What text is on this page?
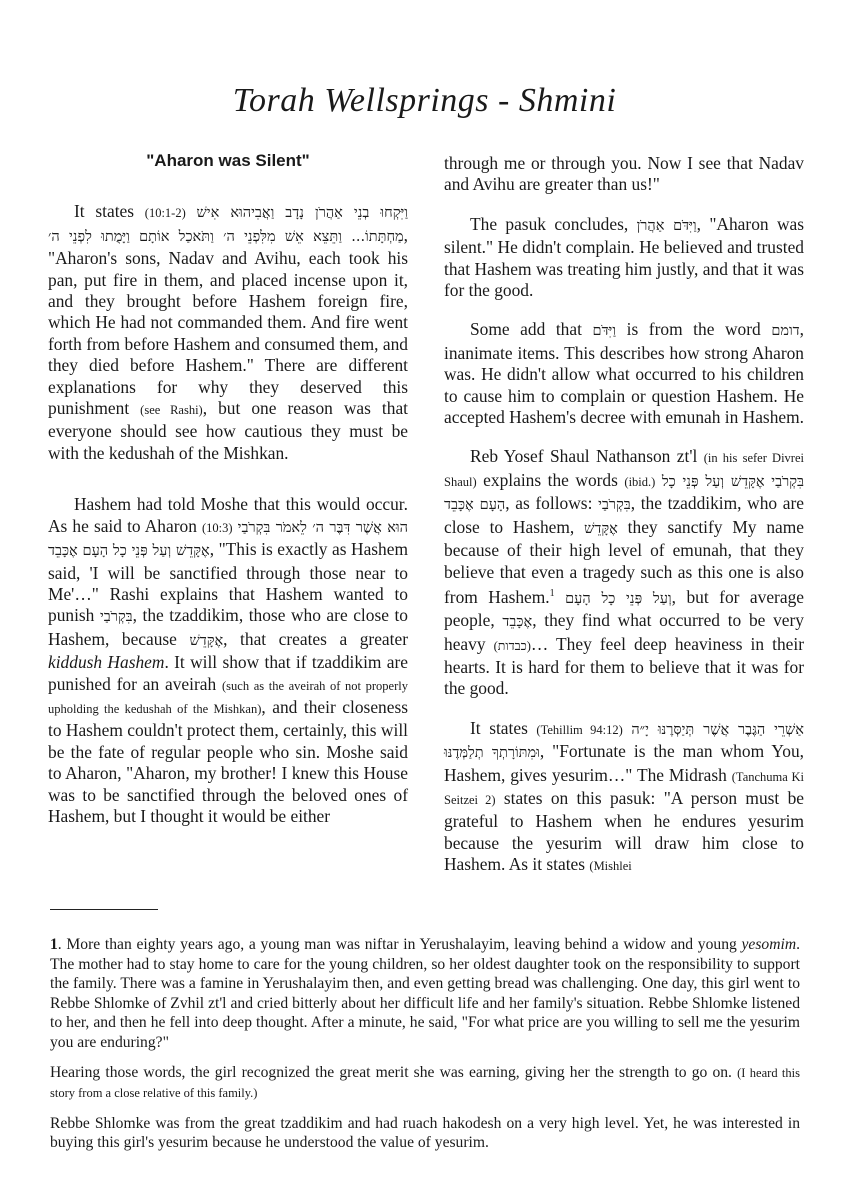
Torah Wellsprings - Shmini
"Aharon was Silent"

It states (10:1-2) וַיִּקְחוּ בְנֵי אַהֲרֹן נָדָב וַאֲבִיהוּא אִישׁ מַחְתָּתוֹ... וַתֵּצֵא אֵשׁ מִלִּפְנֵי ה׳ וַתֹּאכַל אוֹתָם וַיָּמֻתוּ לִפְנֵי ה׳, "Aharon's sons, Nadav and Avihu, each took his pan, put fire in them, and placed incense upon it, and they brought before Hashem foreign fire, which He had not commanded them. And fire went forth from before Hashem and consumed them, and they died before Hashem." There are different explanations for why they deserved this punishment (see Rashi), but one reason was that everyone should see how cautious they must be with the kedushah of the Mishkan.

Hashem had told Moshe that this would occur. As he said to Aharon (10:3) הוּא אֲשֶׁר דִּבֶּר ה׳ לֵאמֹר בִּקְרֹבַי אֶקָּדֵשׁ וְעַל פְּנֵי כָל הָעָם אֶכָּבֵד, "This is exactly as Hashem said, 'I will be sanctified through those near to Me'…" Rashi explains that Hashem wanted to punish בִּקְרֹבַי, the tzaddikim, those who are close to Hashem, because אֶקָּדֵשׁ, that creates a greater kiddush Hashem. It will show that if tzaddikim are punished for an aveirah (such as the aveirah of not properly upholding the kedushah of the Mishkan), and their closeness to Hashem couldn't protect them, certainly, this will be the fate of regular people who sin. Moshe said to Aharon, "Aharon, my brother! I knew this House was to be sanctified through the beloved ones of Hashem, but I thought it would be either

through me or through you. Now I see that Nadav and Avihu are greater than us!"

The pasuk concludes, וַיִּדֹּם אַהֲרֹן, "Aharon was silent." He didn't complain. He believed and trusted that Hashem was treating him justly, and that it was for the good.

Some add that וַיִּדֹּם is from the word דומם, inanimate items. This describes how strong Aharon was. He didn't allow what occurred to his children to cause him to complain or question Hashem. He accepted Hashem's decree with emunah in Hashem.

Reb Yosef Shaul Nathanson zt'l (in his sefer Divrei Shaul) explains the words (ibid.) בִּקְרֹבַי אֶקָּדֵשׁ וְעַל פְּנֵי כָל הָעָם אֶכָּבֵד, as follows: בִּקְרֹבַי, the tzaddikim, who are close to Hashem, אֶקָּדֵשׁ they sanctify My name because of their high level of emunah, that they believe that even a tragedy such as this one is also from Hashem.$^1$ וְעַל פְּנֵי כָל הָעָם, but for average people, אֶכָּבֵד, they find what occurred to be very heavy (כבדות)… They feel deep heaviness in their hearts. It is hard for them to believe that it was for the good.

It states (Tehillim 94:12) אַשְׁרֵי הַגֶּבֶר אֲשֶׁר תְּיַסְּרֶנּוּ יָ״ה וּמִתּוֹרָתְךָ תְלַמְּדֶנּוּ, "Fortunate is the man whom You, Hashem, gives yesurim…" The Midrash (Tanchuma Ki Seitzei 2) states on this pasuk: "A person must be grateful to Hashem when he endures yesurim because the yesurim will draw him close to Hashem. As it states (Mishlei

1. More than eighty years ago, a young man was niftar in Yerushalayim, leaving behind a widow and young yesomim. The mother had to stay home to care for the young children, so her oldest daughter took on the responsibility to support the family. There was a famine in Yerushalayim then, and even getting bread was challenging. One day, this girl went to Rebbe Shlomke of Zvhil zt'l and cried bitterly about her difficult life and her family's situation. Rebbe Shlomke listened to her, and then he fell into deep thought. After a minute, he said, "For what price are you willing to sell me the yesurim you are enduring?"

Hearing those words, the girl recognized the great merit she was earning, giving her the strength to go on. (I heard this story from a close relative of this family.)

Rebbe Shlomke was from the great tzaddikim and had ruach hakodesh on a very high level. Yet, he was interested in buying this girl's yesurim because he understood the value of yesurim.
